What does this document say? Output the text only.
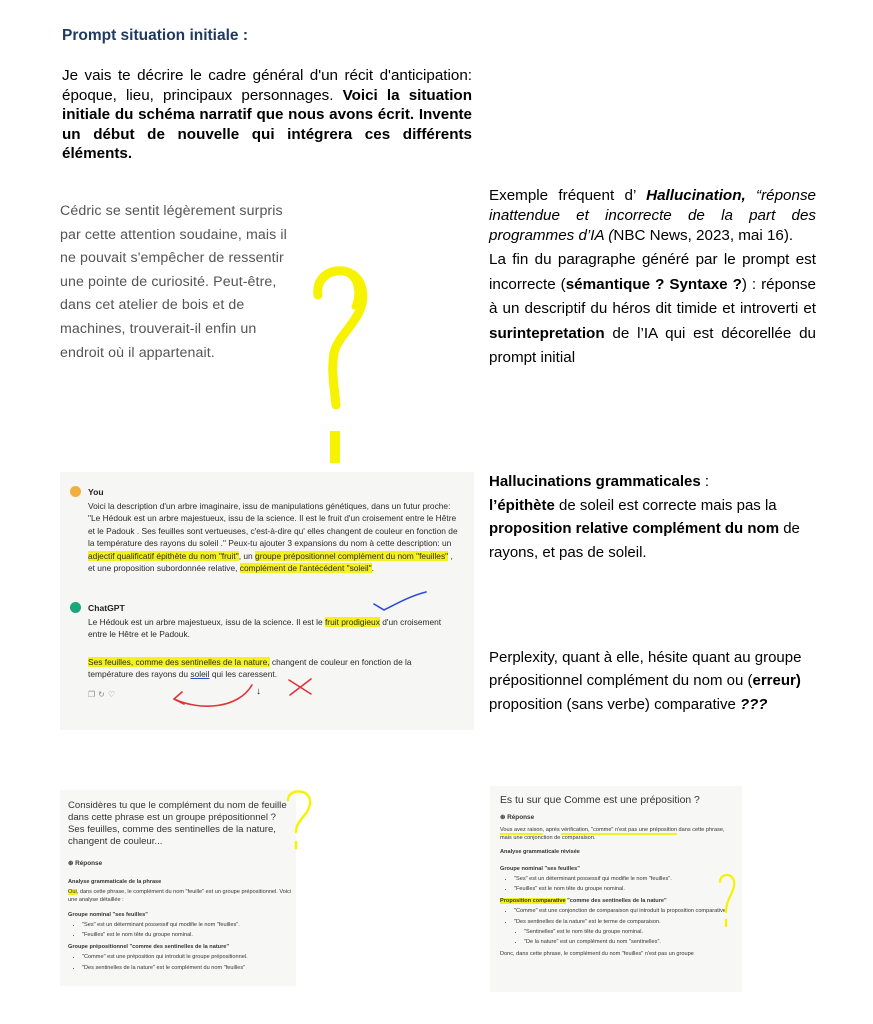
Prompt situation initiale :
Je vais te décrire le cadre général d'un récit d'anticipation: époque, lieu, principaux personnages. Voici la situation initiale du schéma narratif que nous avons écrit. Invente un début de nouvelle qui intégrera ces différents éléments.
Cédric se sentit légèrement surpris par cette attention soudaine, mais il ne pouvait s'empêcher de ressentir une pointe de curiosité. Peut-être, dans cet atelier de bois et de machines, trouverait-il enfin un endroit où il appartenait.
Exemple fréquent d’ Hallucination, “réponse inattendue et incorrecte de la part des programmes d’IA (NBC News, 2023, mai 16).
La fin du paragraphe généré par le prompt est incorrecte (sémantique ? Syntaxe ?) : réponse à un descriptif du héros dit timide et introverti et surintepretation de l’IA qui est décorellée du prompt initial
You

Voici la description d'un arbre imaginaire, issu de manipulations génétiques, dans un futur proche: "Le Hédouk est un arbre majestueux, issu de la science. Il est le fruit d'un croisement entre le Hêtre et le Padouk . Ses feuilles sont vertueuses, c'est-à-dire qu' elles changent de couleur en fonction de la température des rayons du soleil ." Peux-tu ajouter 3 expansions du nom à cette description: un adjectif qualificatif épithète du nom "fruit", un groupe prépositionnel complément du nom "feuilles" , et une proposition subordonnée relative, complément de l'antécédent "soleil".

ChatGPT

Le Hédouk est un arbre majestueux, issu de la science. Il est le fruit prodigieux d'un croisement entre le Hêtre et le Padouk.

Ses feuilles, comme des sentinelles de la nature, changent de couleur en fonction de la température des rayons du soleil qui les caressent.

❐↻♡	↓
Hallucinations grammaticales :
l’épithète de soleil est correcte mais pas la proposition relative complément du nom de rayons, et pas de soleil.
Perplexity, quant à elle, hésite quant au groupe prépositionnel complément du nom ou (erreur) proposition (sans verbe) comparative ???
Considères tu que le complément du nom de feuille dans cette phrase est un groupe prépositionnel ? Ses feuilles, comme des sentinelles de la nature, changent de couleur...
⊛ Réponse
Analyse grammaticale de la phrase
Oui, dans cette phrase, le complément du nom "feuille" est un groupe prépositionnel. Voici une analyse détaillée :
Groupe nominal "ses feuilles"
• "Ses" est un déterminant possessif qui modifie le nom "feuilles".
• "Feuilles" est le nom tête du groupe nominal.
Groupe prépositionnel "comme des sentinelles de la nature"
• "Comme" est une préposition qui introduit le groupe prépositionnel.
• "Des sentinelles de la nature" est le complément du nom "feuilles"
Es tu sur que Comme est une préposition ?
⊛ Réponse
Vous avez raison, après vérification, "comme" n'est pas une préposition dans cette phrase, mais une conjonction de comparaison.
Analyse grammaticale révisée
Groupe nominal "ses feuilles"
• "Ses" est un déterminant possessif qui modifie le nom "feuilles".
• "Feuilles" est le nom tête du groupe nominal.
Proposition comparative "comme des sentinelles de la nature"
• "Comme" est une conjonction de comparaison qui introduit la proposition comparative.
• "Des sentinelles de la nature" est le terme de comparaison.
• "Sentinelles" est le nom tête du groupe nominal.
• "De la nature" est un complément du nom "sentinelles".
Donc, dans cette phrase, le complément du nom "feuilles" n'est pas un groupe
